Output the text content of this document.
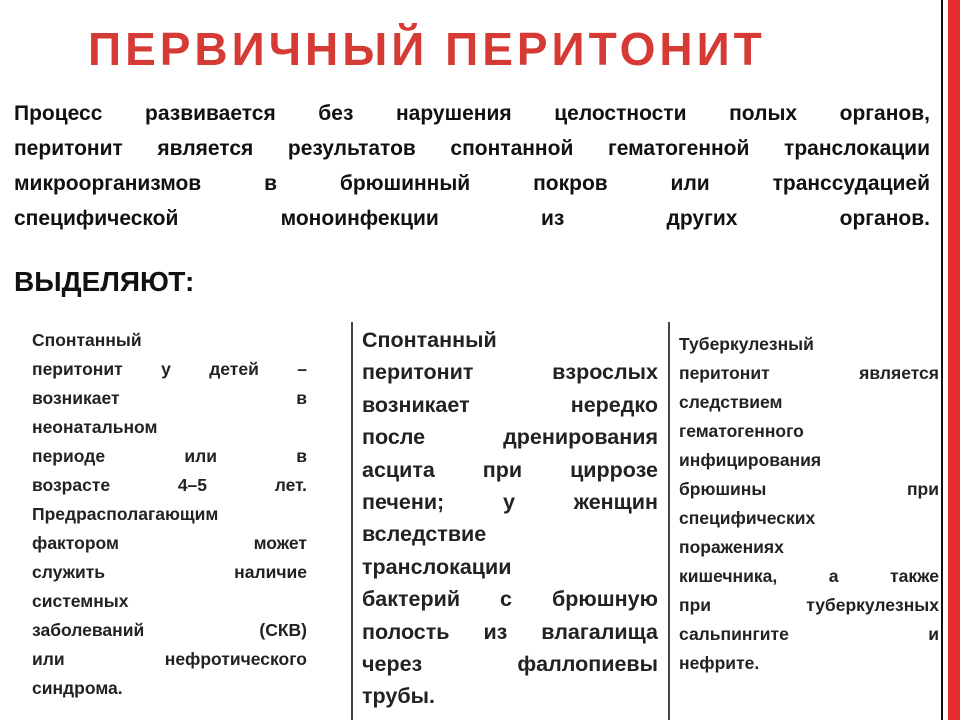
ПЕРВИЧНЫЙ ПЕРИТОНИТ

Процесс развивается без нарушения целостности полых органов,
перитонит является результатов спонтанной гематогенной транслокации
микроорганизмов в брюшинный покров или транссудацией
специфической моноинфекции из других органов.

ВЫДЕЛЯЮТ:
Спонтанный
перитонит у детей –
возникает в
неонатальном
периоде или в
возрасте 4–5 лет.
Предрасполагающим
фактором может
служить наличие
системных
заболеваний (СКВ)
или нефротического
синдрома.
Спонтанный
перитонит взрослых
возникает нередко
после дренирования
асцита при циррозе
печени; у женщин
вследствие
транслокации
бактерий с брюшную
полость из влагалища
через фаллопиевы
трубы.
Туберкулезный
перитонит является
следствием
гематогенного
инфицирования
брюшины при
специфических
поражениях
кишечника, а также
при туберкулезных
сальпингите и
нефрите.
